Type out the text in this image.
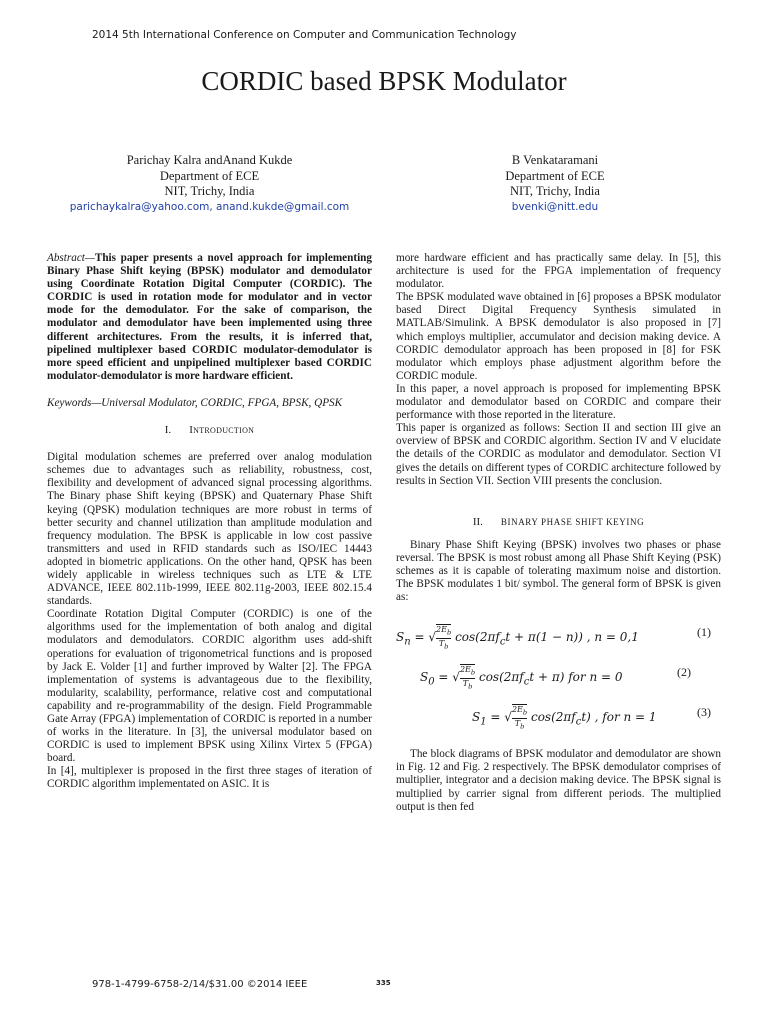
2014 5th International Conference on Computer and Communication Technology
CORDIC based BPSK Modulator
Parichay Kalra andAnand Kukde
Department of ECE
NIT, Trichy, India
parichaykalra@yahoo.com, anand.kukde@gmail.com
B Venkataramani
Department of ECE
NIT, Trichy, India
bvenki@nitt.edu

Abstract—This paper presents a novel approach for implementing Binary Phase Shift keying (BPSK) modulator and demodulator using Coordinate Rotation Digital Computer (CORDIC). The CORDIC is used in rotation mode for modulator and in vector mode for the demodulator. For the sake of comparison, the modulator and demodulator have been implemented using three different architectures. From the results, it is inferred that, pipelined multiplexer based CORDIC modulator-demodulator is more speed efficient and unpipelined multiplexer based CORDIC modulator-demodulator is more hardware efficient.

Keywords—Universal Modulator, CORDIC, FPGA, BPSK, QPSK

I. Introduction

Digital modulation schemes are preferred over analog modulation schemes due to advantages such as reliability, robustness, cost, flexibility and development of advanced signal processing algorithms. The Binary phase Shift keying (BPSK) and Quaternary Phase Shift keying (QPSK) modulation techniques are more robust in terms of better security and channel utilization than amplitude modulation and frequency modulation. The BPSK is applicable in low cost passive transmitters and used in RFID standards such as ISO/IEC 14443 adopted in biometric applications. On the other hand, QPSK has been widely applicable in wireless techniques such as LTE & LTE ADVANCE, IEEE 802.11b-1999, IEEE 802.11g-2003, IEEE 802.15.4 standards.

Coordinate Rotation Digital Computer (CORDIC) is one of the algorithms used for the implementation of both analog and digital modulators and demodulators. CORDIC algorithm uses add-shift operations for evaluation of trigonometrical functions and is proposed by Jack E. Volder [1] and further improved by Walter [2]. The FPGA implementation of systems is advantageous due to the flexibility, modularity, scalability, performance, relative cost and computational capability and re-programmability of the design. Field Programmable Gate Array (FPGA) implementation of CORDIC is reported in a number of works in the literature. In [3], the universal modulator based on CORDIC is used to implement BPSK using Xilinx Virtex 5 (FPGA) board.

In [4], multiplexer is proposed in the first three stages of iteration of CORDIC algorithm implementated on ASIC. It is

more hardware efficient and has practically same delay. In [5], this architecture is used for the FPGA implementation of frequency modulator.

The BPSK modulated wave obtained in [6] proposes a BPSK modulator based Direct Digital Frequency Synthesis simulated in MATLAB/Simulink. A BPSK demodulator is also proposed in [7] which employs multiplier, accumulator and decision making device. A CORDIC demodulator approach has been proposed in [8] for FSK modulator which employs phase adjustment algorithm before the CORDIC module.

In this paper, a novel approach is proposed for implementing BPSK modulator and demodulator based on CORDIC and compare their performance with those reported in the literature.

This paper is organized as follows: Section II and section III give an overview of BPSK and CORDIC algorithm. Section IV and V elucidate the details of the CORDIC as modulator and demodulator. Section VI gives the details on different types of CORDIC architecture followed by results in Section VII. Section VIII presents the conclusion.

II. BINARY PHASE SHIFT KEYING

Binary Phase Shift Keying (BPSK) involves two phases or phase reversal. The BPSK is most robust among all Phase Shift Keying (PSK) schemes as it is capable of tolerating maximum noise and distortion. The BPSK modulates 1 bit/ symbol. The general form of BPSK is given as:

$S_n$ = √ $\frac{2E_b}{T_b} \cos(2\pi f_ct + \pi(1 - n))$ , n = 0,1	(1)
$S_0$ = √ $\frac{2E_b}{T_b} \cos(2\pi f_ct + \pi)$ for n = 0	(2)
$S_1$ = √ $\frac{2E_b}{T_b} \cos(2\pi f_ct)$ , for n = 1	(3)

The block diagrams of BPSK modulator and demodulator are shown in Fig. 12 and Fig. 2 respectively. The BPSK demodulator comprises of multiplier, integrator and a decision making device. The BPSK signal is multiplied by carrier signal from different periods. The multiplied output is then fed

978-1-4799-6758-2/14/$31.00 ©2014 IEEE	335
